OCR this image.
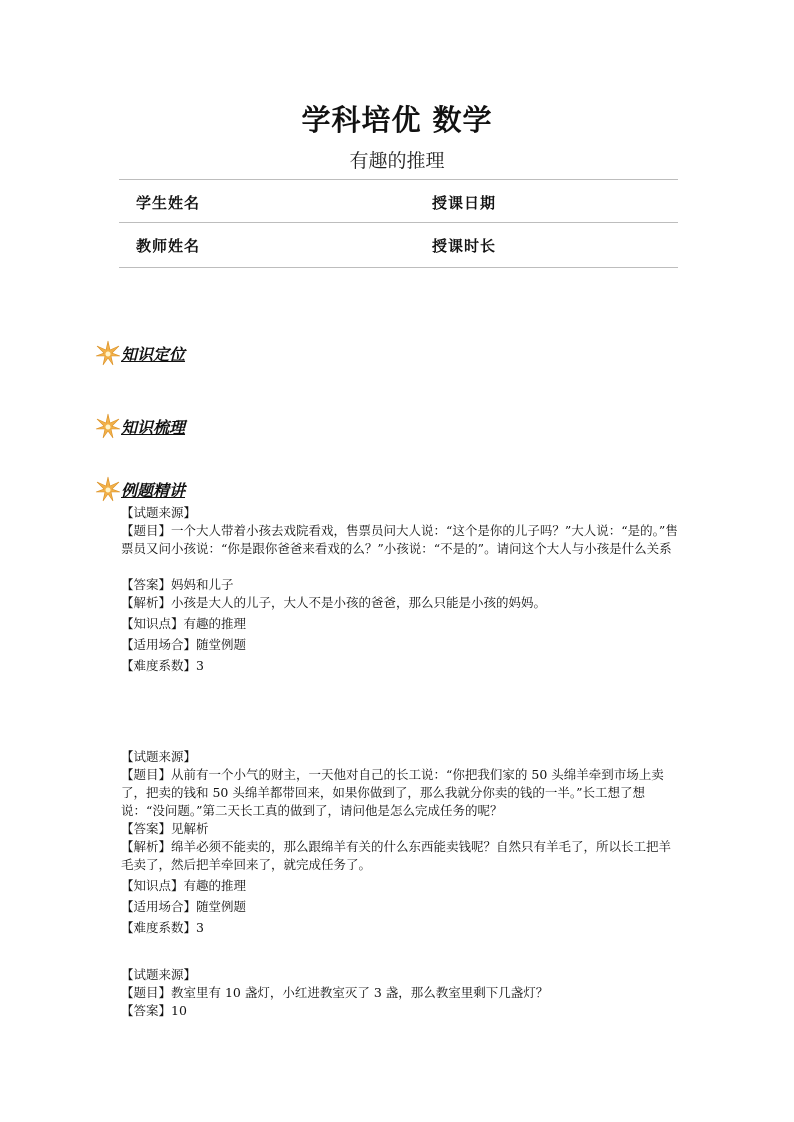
学科培优 数学
有趣的推理
学生姓名	授课日期
教师姓名	授课时长
知识定位
知识梳理
例题精讲
【试题来源】
【题目】一个大人带着小孩去戏院看戏，售票员问大人说：“这个是你的儿子吗？”大人说：“是的。”售票员又问小孩说：“你是跟你爸爸来看戏的么？”小孩说：“不是的”。请问这个大人与小孩是什么关系
【答案】妈妈和儿子
【解析】小孩是大人的儿子，大人不是小孩的爸爸，那么只能是小孩的妈妈。
【知识点】有趣的推理
【适用场合】随堂例题
【难度系数】3
【试题来源】
【题目】从前有一个小气的财主，一天他对自己的长工说：“你把我们家的 50 头绵羊牵到市场上卖了，把卖的钱和 50 头绵羊都带回来，如果你做到了，那么我就分你卖的钱的一半。”长工想了想说：“没问题。”第二天长工真的做到了，请问他是怎么完成任务的呢？
【答案】见解析
【解析】绵羊必须不能卖的，那么跟绵羊有关的什么东西能卖钱呢？自然只有羊毛了，所以长工把羊毛卖了，然后把羊牵回来了，就完成任务了。
【知识点】有趣的推理
【适用场合】随堂例题
【难度系数】3
【试题来源】
【题目】教室里有 10 盏灯，小红进教室灭了 3 盏，那么教室里剩下几盏灯？
【答案】10
